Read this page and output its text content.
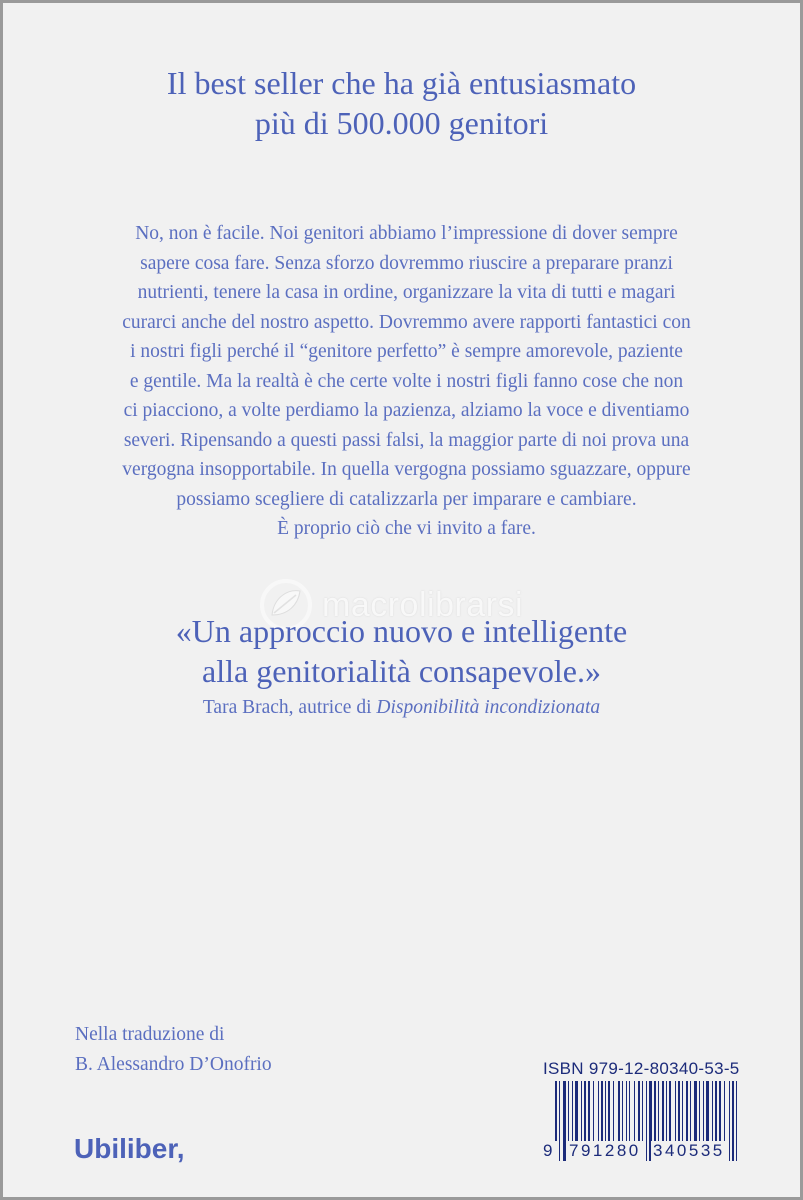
Il best seller che ha già entusiasmato
più di 500.000 genitori
No, non è facile. Noi genitori abbiamo l’impressione di dover sempre
sapere cosa fare. Senza sforzo dovremmo riuscire a preparare pranzi
nutrienti, tenere la casa in ordine, organizzare la vita di tutti e magari
curarci anche del nostro aspetto. Dovremmo avere rapporti fantastici con
i nostri figli perché il “genitore perfetto” è sempre amorevole, paziente
e gentile. Ma la realtà è che certe volte i nostri figli fanno cose che non
ci piacciono, a volte perdiamo la pazienza, alziamo la voce e diventiamo
severi. Ripensando a questi passi falsi, la maggior parte di noi prova una
vergogna insopportabile. In quella vergogna possiamo sguazzare, oppure
possiamo scegliere di catalizzarla per imparare e cambiare.
È proprio ciò che vi invito a fare.
macrolibrarsi
«Un approccio nuovo e intelligente
alla genitorialità consapevole.»
Tara Brach, autrice di Disponibilità incondizionata
Nella traduzione di
B. Alessandro D’Onofrio
Ubiliber,
ISBN 979-12-80340-53-5
9 791280 340535
